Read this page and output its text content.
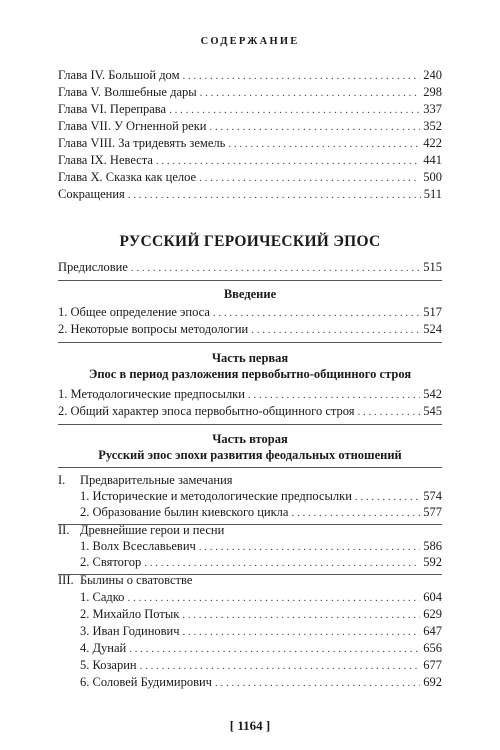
СОДЕРЖАНИЕ
Глава IV. Большой дом . . .	240
Глава V. Волшебные дары . . .	298
Глава VI. Переправа . . .	337
Глава VII. У Огненной реки . . .	352
Глава VIII. За тридевять земель . . .	422
Глава IX. Невеста . . .	441
Глава X. Сказка как целое . . .	500
Сокращения . . .	511
РУССКИЙ ГЕРОИЧЕСКИЙ ЭПОС
Предисловие . . .	515
Введение
1. Общее определение эпоса . . .	517
2. Некоторые вопросы методологии . . .	524
Часть первая
Эпос в период разложения первобытно-общинного строя
1. Методологические предпосылки . . .	542
2. Общий характер эпоса первобытно-общинного строя . . .	545
Часть вторая
Русский эпос эпохи развития феодальных отношений
I. Предварительные замечания
1. Исторические и методологические предпосылки . . .	574
2. Образование былин киевского цикла . . .	577
II. Древнейшие герои и песни
1. Волх Всеславьевич . . .	586
2. Святогор . . .	592
III. Былины о сватовстве
1. Садко . . .	604
2. Михайло Потык . . .	629
3. Иван Годинович . . .	647
4. Дунай . . .	656
5. Козарин . . .	677
6. Соловей Будимирович . . .	692
[ 1164 ]
